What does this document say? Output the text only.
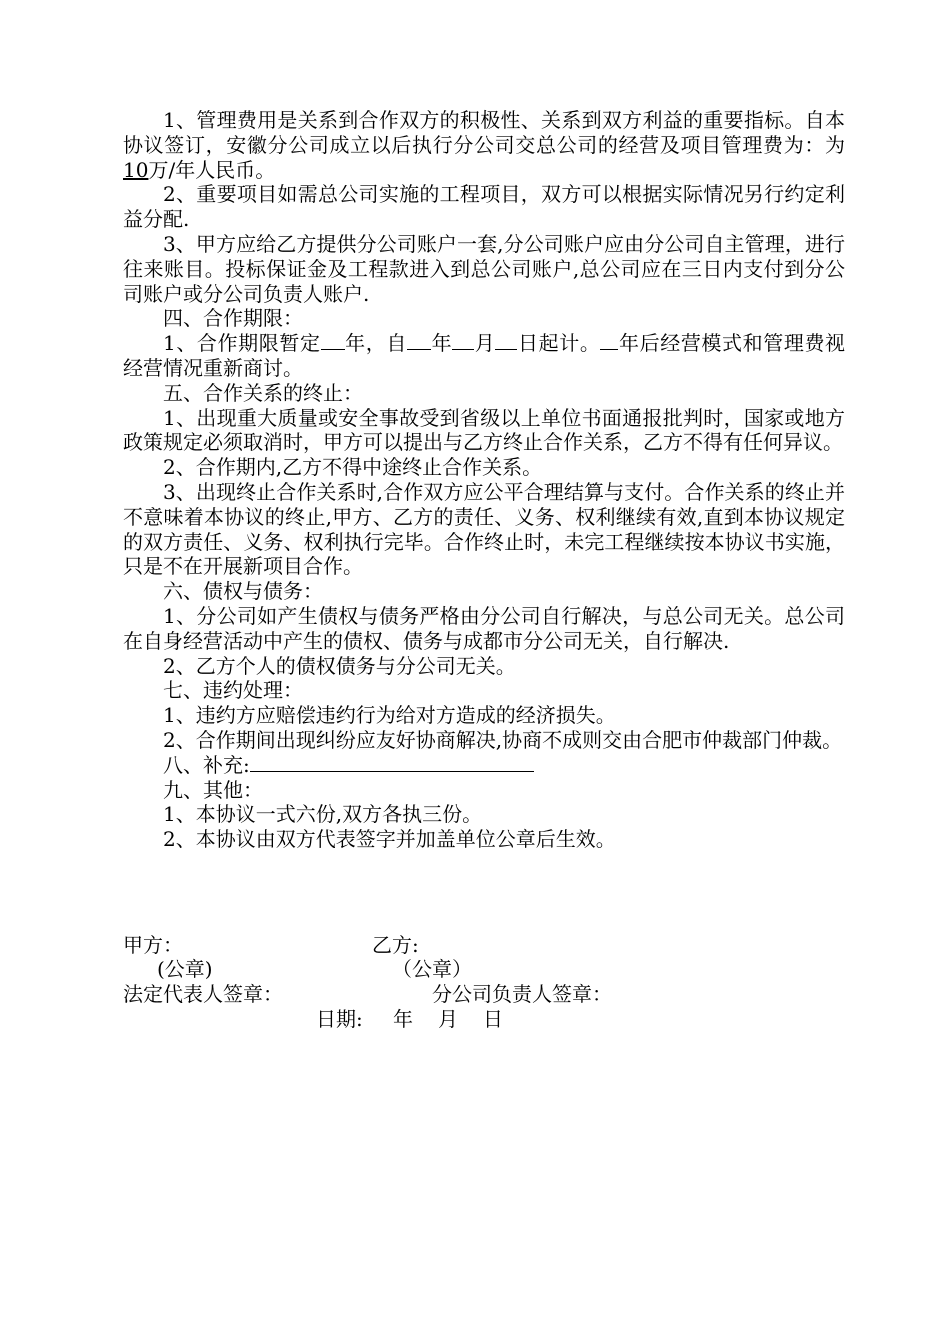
1、管理费用是关系到合作双方的积极性、关系到双方利益的重要指标。自本协议签订，安徽分公司成立以后执行分公司交总公司的经营及项目管理费为：为10万/年人民币。

2、重要项目如需总公司实施的工程项目，双方可以根据实际情况另行约定利益分配.

3、甲方应给乙方提供分公司账户一套,分公司账户应由分公司自主管理，进行往来账目。投标保证金及工程款进入到总公司账户,总公司应在三日内支付到分公司账户或分公司负责人账户.

四、合作期限：

1、合作期限暂定 年，自 年 月 日起计。 年后经营模式和管理费视经营情况重新商讨。

五、合作关系的终止：

1、出现重大质量或安全事故受到省级以上单位书面通报批判时，国家或地方政策规定必须取消时，甲方可以提出与乙方终止合作关系，乙方不得有任何异议。

2、合作期内,乙方不得中途终止合作关系。

3、出现终止合作关系时,合作双方应公平合理结算与支付。合作关系的终止并不意味着本协议的终止,甲方、乙方的责任、义务、权利继续有效,直到本协议规定的双方责任、义务、权利执行完毕。合作终止时，未完工程继续按本协议书实施，只是不在开展新项目合作。

六、债权与债务：

1、分公司如产生债权与债务严格由分公司自行解决，与总公司无关。总公司在自身经营活动中产生的债权、债务与成都市分公司无关，自行解决.

2、乙方个人的债权债务与分公司无关。

七、违约处理：

1、违约方应赔偿违约行为给对方造成的经济损失。

2、合作期间出现纠纷应友好协商解决,协商不成则交由合肥市仲裁部门仲裁。

八、补充:

九、其他：

1、本协议一式六份,双方各执三份。

2、本协议由双方代表签字并加盖单位公章后生效。

甲方：	乙方:
(公章)	（公章）
法定代表人签章：	分公司负责人签章：
日期: 年 月 日
